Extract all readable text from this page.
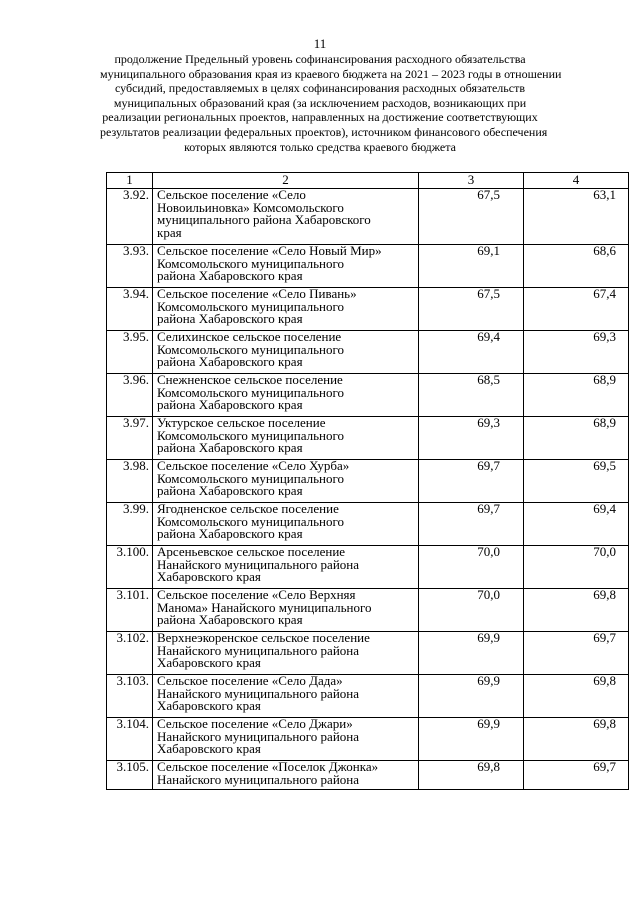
11
продолжение Предельный уровень софинансирования расходного обязательства
муниципального образования края из краевого бюджета на 2021 – 2023 годы в отношении
субсидий, предоставляемых в целях софинансирования расходных обязательств
муниципальных образований края (за исключением расходов, возникающих при
реализации региональных проектов, направленных на достижение соответствующих
результатов реализации федеральных проектов), источником финансового обеспечения
которых являются только средства краевого бюджета
1	2	3	4
3.92.	Сельское поселение «Село
Новоильиновка» Комсомольского
муниципального района Хабаровского
края	67,5	63,1
3.93.	Сельское поселение «Село Новый Мир»
Комсомольского муниципального
района Хабаровского края	69,1	68,6
3.94.	Сельское поселение «Село Пивань»
Комсомольского муниципального
района Хабаровского края	67,5	67,4
3.95.	Селихинское сельское поселение
Комсомольского муниципального
района Хабаровского края	69,4	69,3
3.96.	Снежненское сельское поселение
Комсомольского муниципального
района Хабаровского края	68,5	68,9
3.97.	Уктурское сельское поселение
Комсомольского муниципального
района Хабаровского края	69,3	68,9
3.98.	Сельское поселение «Село Хурба»
Комсомольского муниципального
района Хабаровского края	69,7	69,5
3.99.	Ягодненское сельское поселение
Комсомольского муниципального
района Хабаровского края	69,7	69,4
3.100.	Арсеньевское сельское поселение
Нанайского муниципального района
Хабаровского края	70,0	70,0
3.101.	Сельское поселение «Село Верхняя
Манома» Нанайского муниципального
района Хабаровского края	70,0	69,8
3.102.	Верхнеэкоренское сельское поселение
Нанайского муниципального района
Хабаровского края	69,9	69,7
3.103.	Сельское поселение «Село Дада»
Нанайского муниципального района
Хабаровского края	69,9	69,8
3.104.	Сельское поселение «Село Джари»
Нанайского муниципального района
Хабаровского края	69,9	69,8
3.105.	Сельское поселение «Поселок Джонка»
Нанайского муниципального района	69,8	69,7
